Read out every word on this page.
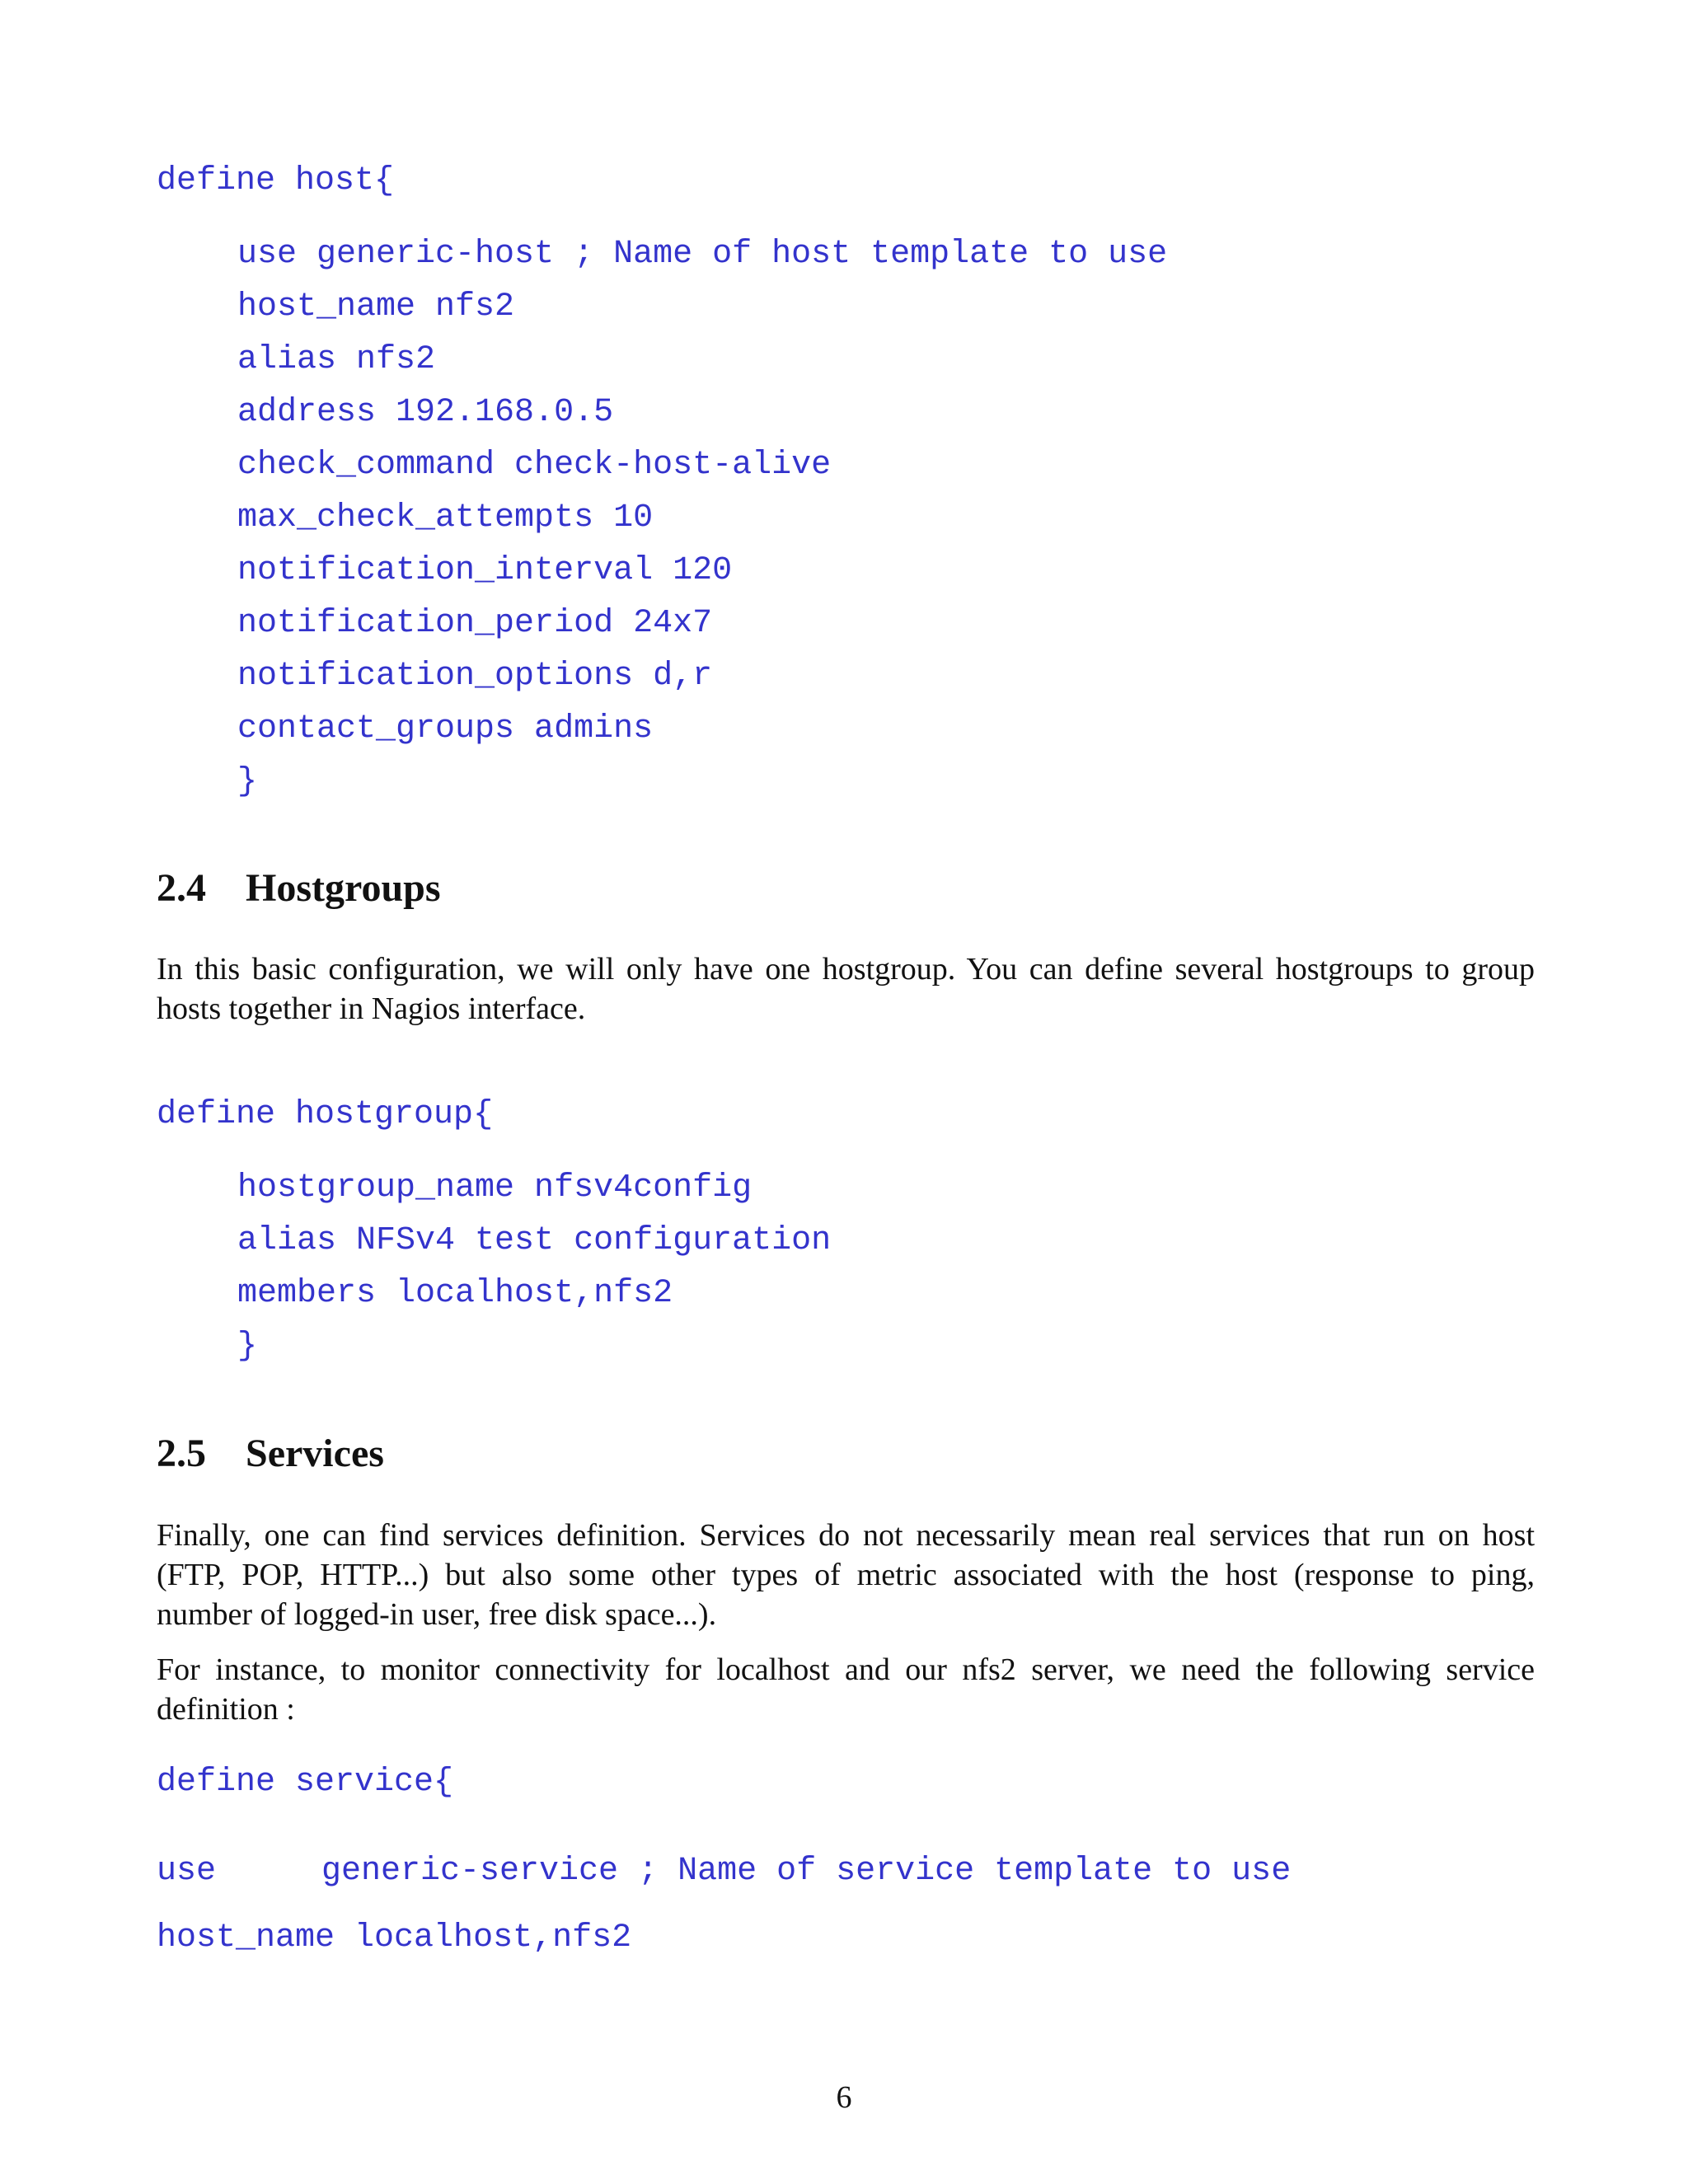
define host{
use generic-host ; Name of host template to use
host_name nfs2
alias nfs2
address 192.168.0.5
check_command check-host-alive
max_check_attempts 10
notification_interval 120
notification_period 24x7
notification_options d,r
contact_groups admins
}
2.4 Hostgroups
In this basic configuration, we will only have one hostgroup. You can define several hostgroups to group
hosts together in Nagios interface.
define hostgroup{
hostgroup_name nfsv4config
alias NFSv4 test configuration
members localhost,nfs2
}
2.5 Services
Finally, one can find services definition. Services do not necessarily mean real services that run on host
(FTP, POP, HTTP...) but also some other types of metric associated with the host (response to ping,
number of logged-in user, free disk space...).
For instance, to monitor connectivity for localhost and our nfs2 server, we need the following service
definition :
define service{
use	generic-service ; Name of service template to use
host_name localhost,nfs2
6
